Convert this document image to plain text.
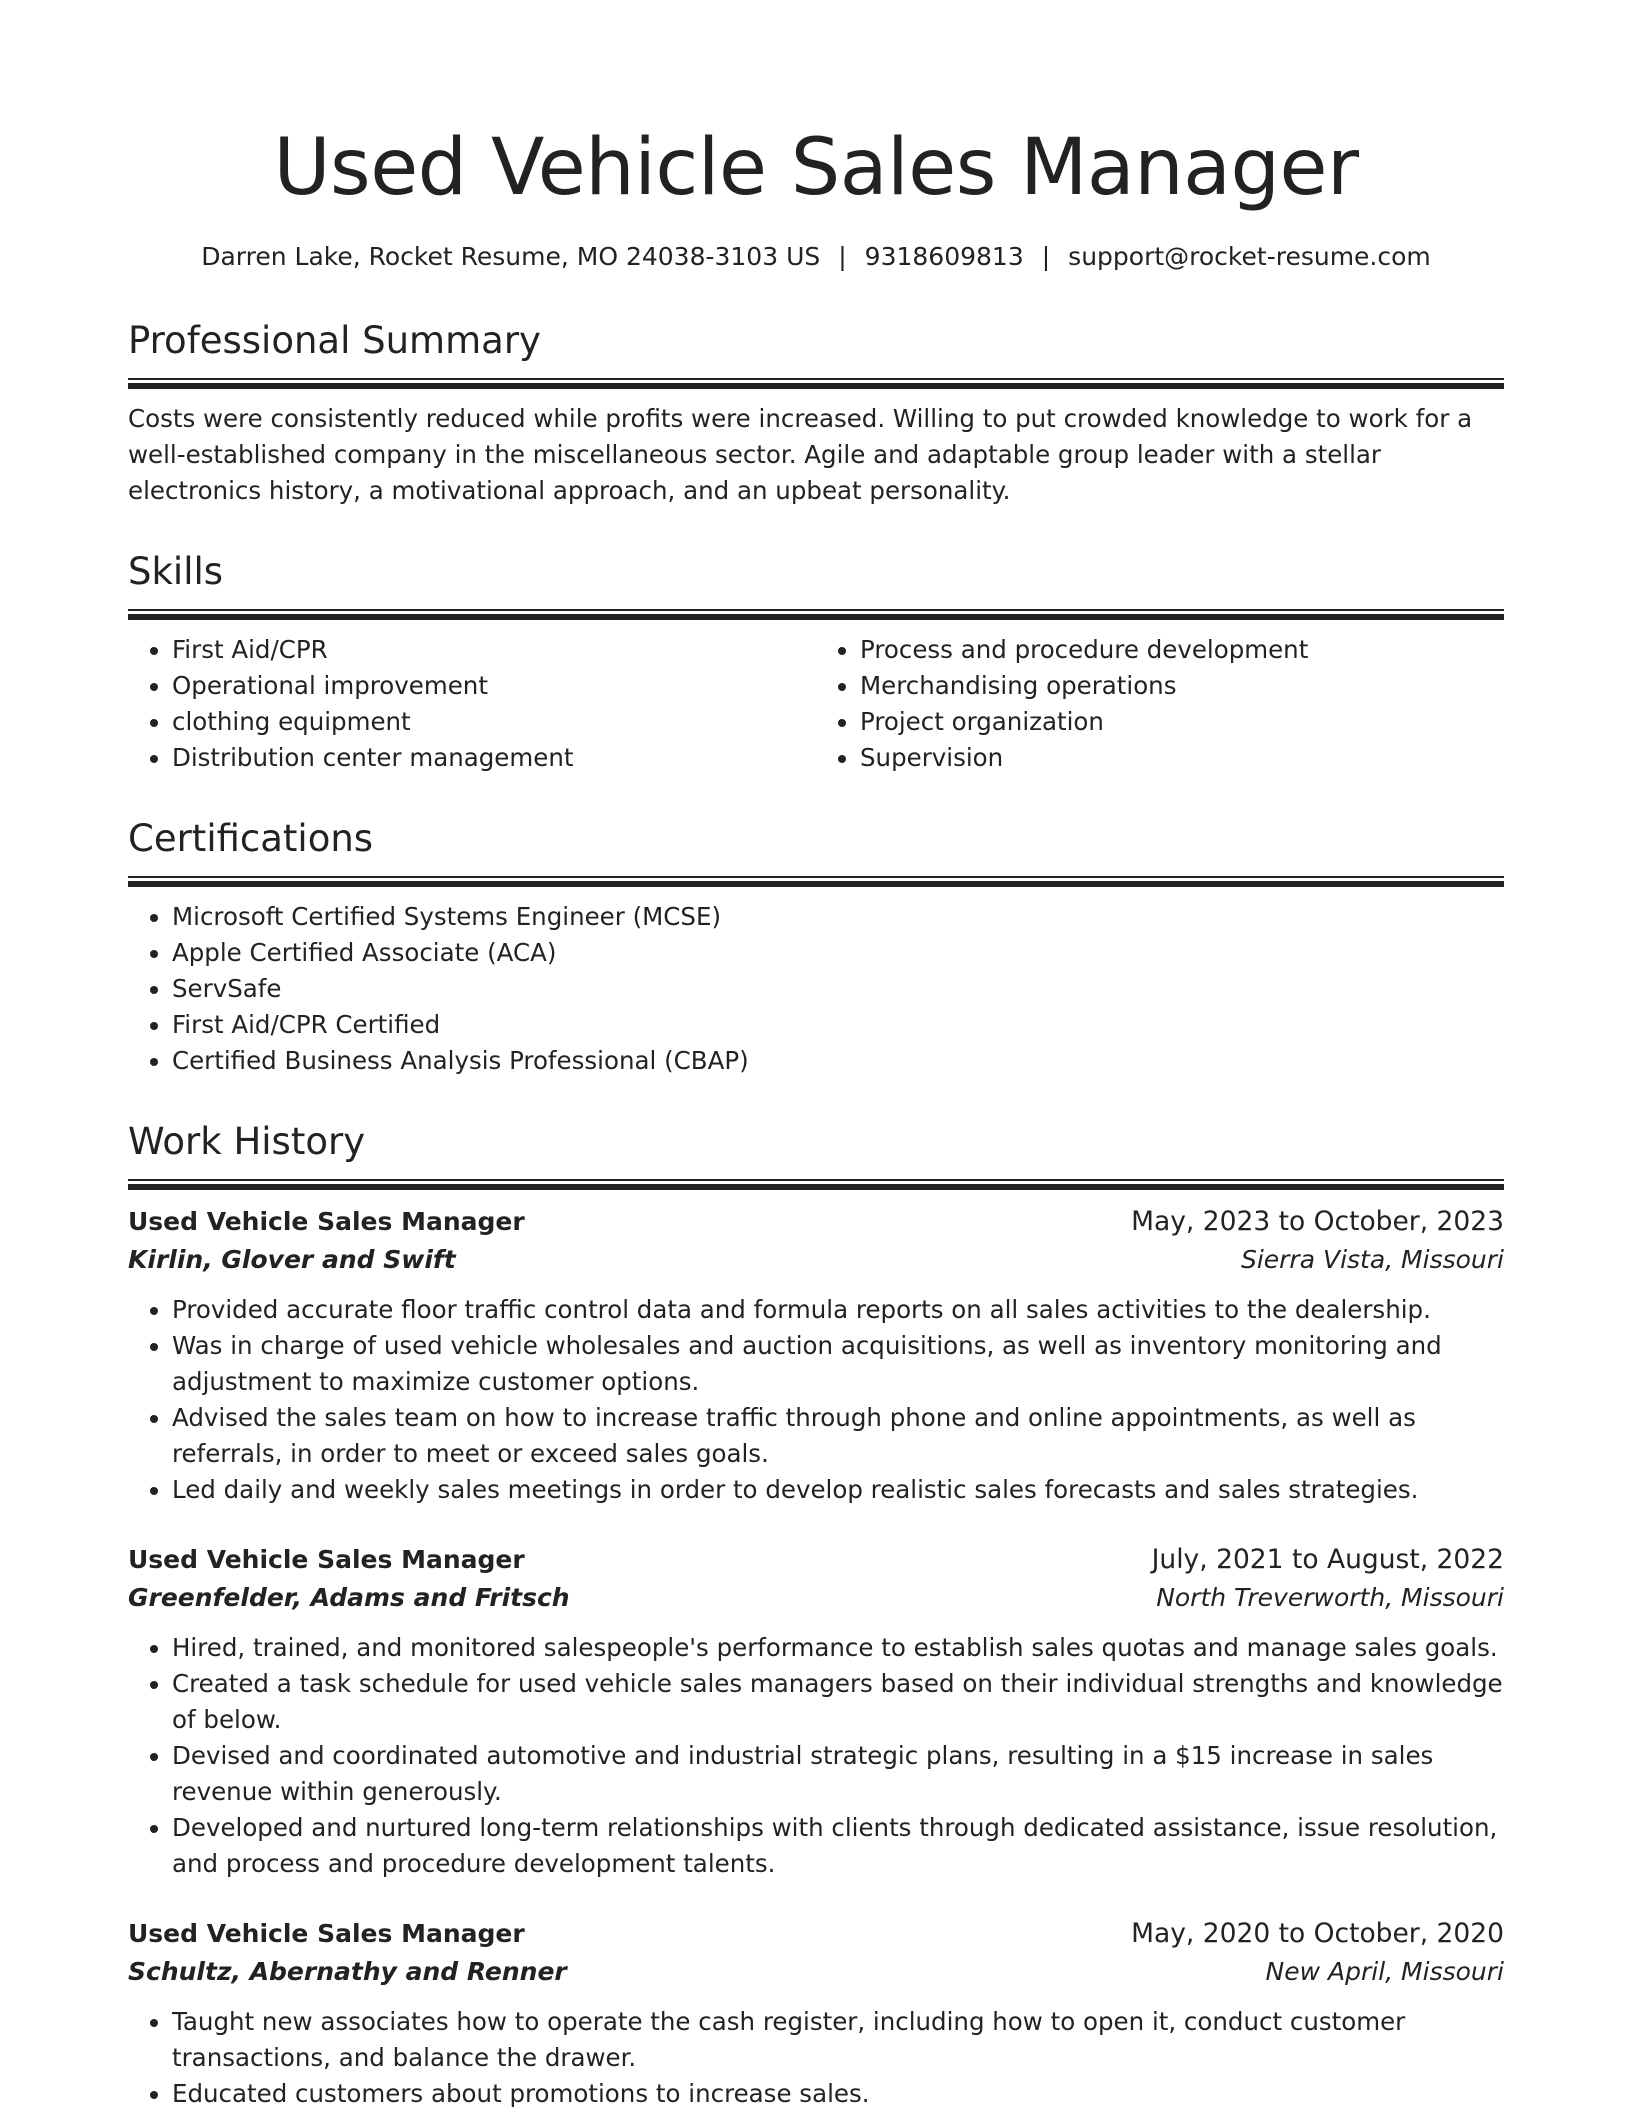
Used Vehicle Sales Manager
Darren Lake, Rocket Resume, MO 24038-3103 US | 9318609813 | support@rocket-resume.com
Professional Summary

Costs were consistently reduced while profits were increased. Willing to put crowded knowledge to work for a well-established company in the miscellaneous sector. Agile and adaptable group leader with a stellar electronics history, a motivational approach, and an upbeat personality.

Skills
• First Aid/CPR
• Operational improvement
• clothing equipment
• Distribution center management
• Process and procedure development
• Merchandising operations
• Project organization
• Supervision
Certifications
• Microsoft Certified Systems Engineer (MCSE)
• Apple Certified Associate (ACA)
• ServSafe
• First Aid/CPR Certified
• Certified Business Analysis Professional (CBAP)
Work History
Used Vehicle Sales Manager	May, 2023 to October, 2023
Kirlin, Glover and Swift	Sierra Vista, Missouri
• Provided accurate floor traffic control data and formula reports on all sales activities to the dealership.
• Was in charge of used vehicle wholesales and auction acquisitions, as well as inventory monitoring and adjustment to maximize customer options.
• Advised the sales team on how to increase traffic through phone and online appointments, as well as referrals, in order to meet or exceed sales goals.
• Led daily and weekly sales meetings in order to develop realistic sales forecasts and sales strategies.
Used Vehicle Sales Manager	July, 2021 to August, 2022
Greenfelder, Adams and Fritsch	North Treverworth, Missouri
• Hired, trained, and monitored salespeople's performance to establish sales quotas and manage sales goals.
• Created a task schedule for used vehicle sales managers based on their individual strengths and knowledge of below.
• Devised and coordinated automotive and industrial strategic plans, resulting in a $15 increase in sales revenue within generously.
• Developed and nurtured long-term relationships with clients through dedicated assistance, issue resolution, and process and procedure development talents.
Used Vehicle Sales Manager	May, 2020 to October, 2020
Schultz, Abernathy and Renner	New April, Missouri
• Taught new associates how to operate the cash register, including how to open it, conduct customer transactions, and balance the drawer.
• Educated customers about promotions to increase sales.
